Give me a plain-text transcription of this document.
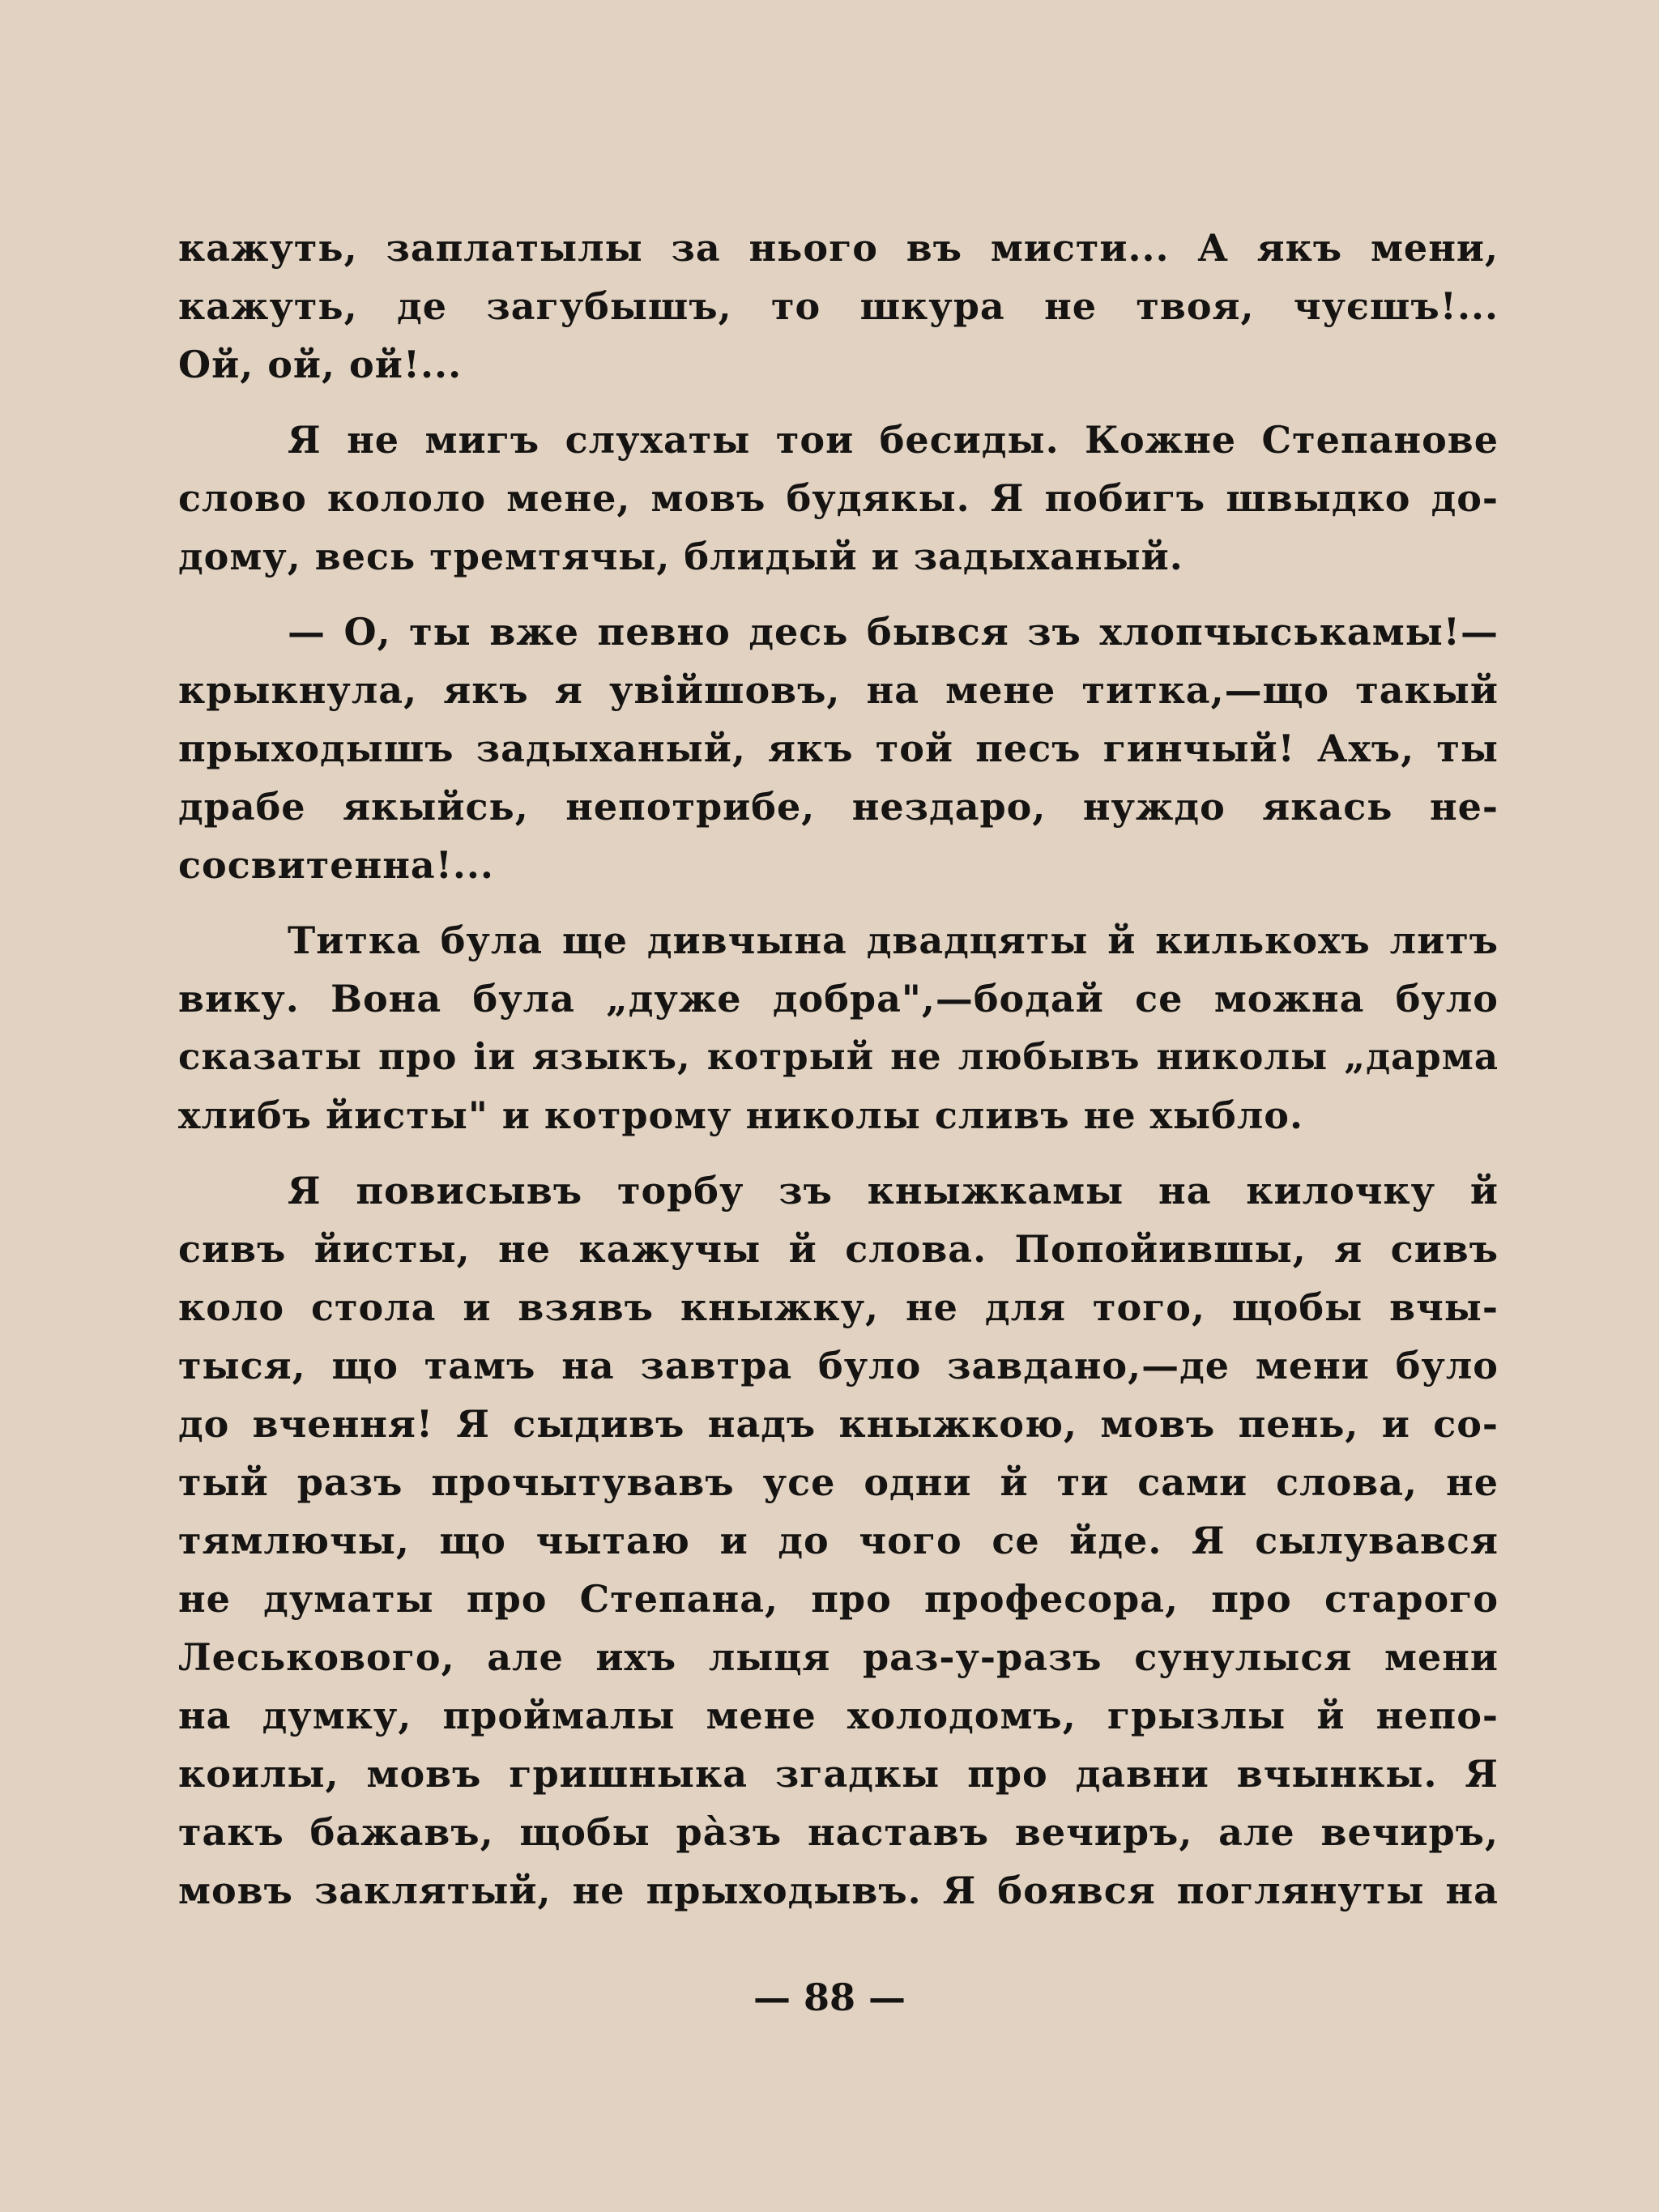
кажуть, заплатылы за нього въ мисти... А якъ мени,
кажуть, де загубышъ, то шкура не твоя, чуєшъ!...
Ой, ой, ой!...
Я не мигъ слухаты тои бесиды. Кожне Степанове
слово кололо мене, мовъ будякы. Я побигъ швыдко до-
дому, весь тремтячы, блидый и задыханый.
— О, ты вже певно десь бывся зъ хлопчыськамы!—
крыкнула, якъ я увійшовъ, на мене титка,—що такый
прыходышъ задыханый, якъ той песъ гинчый! Ахъ, ты
драбе якыйсь, непотрибе, нездаро, нуждо якась не-
сосвитенна!...
Титка була ще дивчына двадцяты й килькохъ литъ
вику. Вона була „дуже добра",—бодай се можна було
сказаты про іи языкъ, котрый не любывъ николы „дарма
хлибъ йисты" и котрому николы сливъ не хыбло.
Я повисывъ торбу зъ кныжкамы на килочку й
сивъ йисты, не кажучы й слова. Попойившы, я сивъ
коло стола и взявъ кныжку, не для того, щобы вчы-
тыся, що тамъ на завтра було завдано,—де мени було
до вчення! Я сыдивъ надъ кныжкою, мовъ пень, и со-
тый разъ прочытувавъ усе одни й ти сами слова, не
тямлючы, що чытаю и до чого се йде. Я сылувався
не думаты про Степана, про професора, про старого
Леськового, але ихъ лыця раз-у-разъ сунулыся мени
на думку, проймалы мене холодомъ, грызлы й непо-
коилы, мовъ гришныка згадкы про давни вчынкы. Я
такъ бажавъ, щобы рàзъ наставъ вечиръ, але вечиръ,
мовъ заклятый, не прыходывъ. Я боявся поглянуты на
— 88 —
